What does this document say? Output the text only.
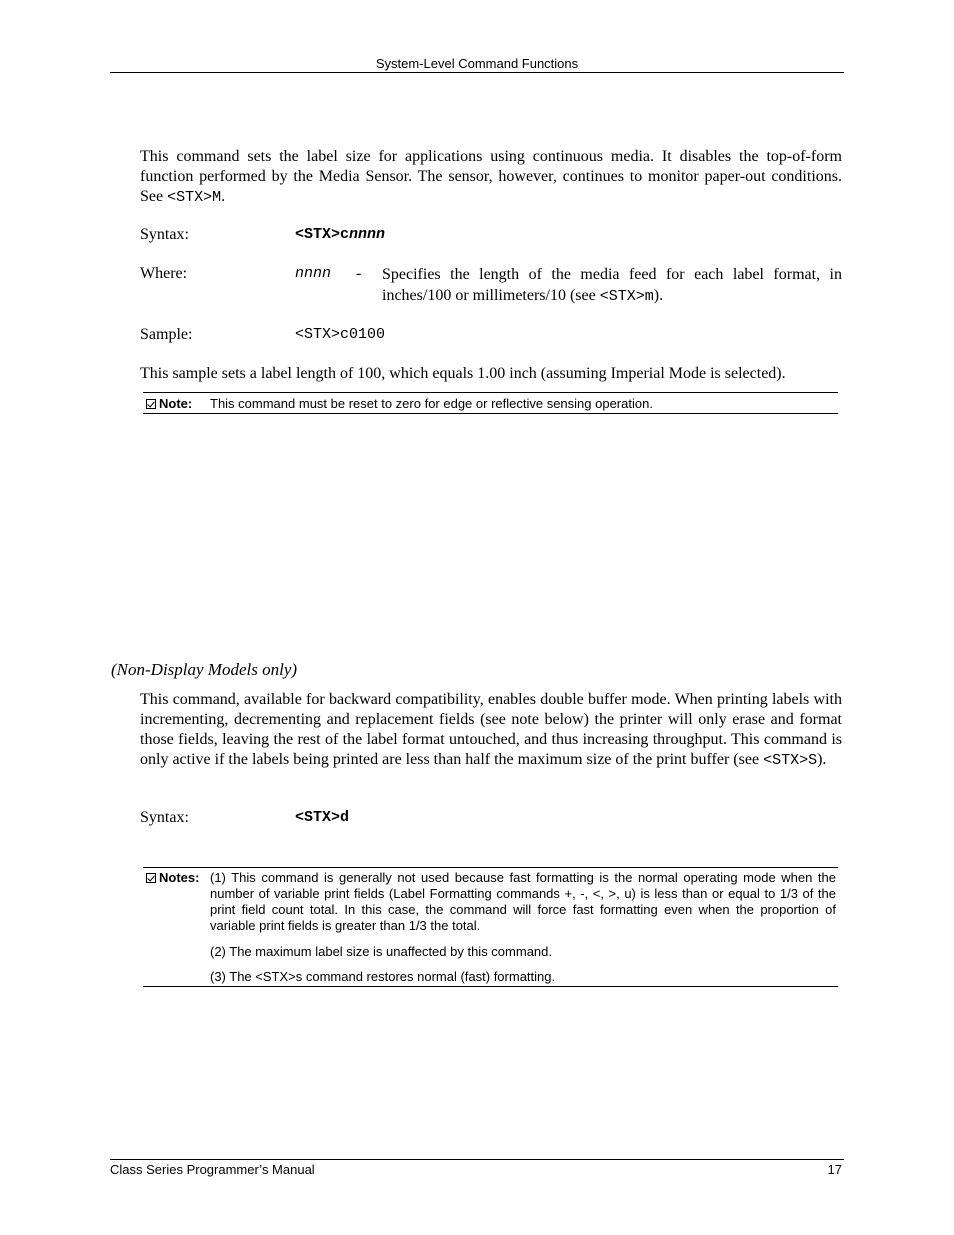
System-Level Command Functions
This command sets the label size for applications using continuous media. It disables the top-of-form function performed by the Media Sensor. The sensor, however, continues to monitor paper-out conditions. See <STX>M.
Syntax:	<STX>cnnnn
Where:	nnnn - Specifies the length of the media feed for each label format, in inches/100 or millimeters/10 (see <STX>m).
Sample:	<STX>c0100
This sample sets a label length of 100, which equals 1.00 inch (assuming Imperial Mode is selected).
Note: This command must be reset to zero for edge or reflective sensing operation.
(Non-Display Models only)
This command, available for backward compatibility, enables double buffer mode. When printing labels with incrementing, decrementing and replacement fields (see note below) the printer will only erase and format those fields, leaving the rest of the label format untouched, and thus increasing throughput. This command is only active if the labels being printed are less than half the maximum size of the print buffer (see <STX>S).
Syntax:	<STX>d
Notes: (1) This command is generally not used because fast formatting is the normal operating mode when the number of variable print fields (Label Formatting commands +, -, <, >, u) is less than or equal to 1/3 of the print field count total. In this case, the command will force fast formatting even when the proportion of variable print fields is greater than 1/3 the total.
(2) The maximum label size is unaffected by this command.
(3) The <STX>s command restores normal (fast) formatting.
Class Series Programmer’s Manual	17
